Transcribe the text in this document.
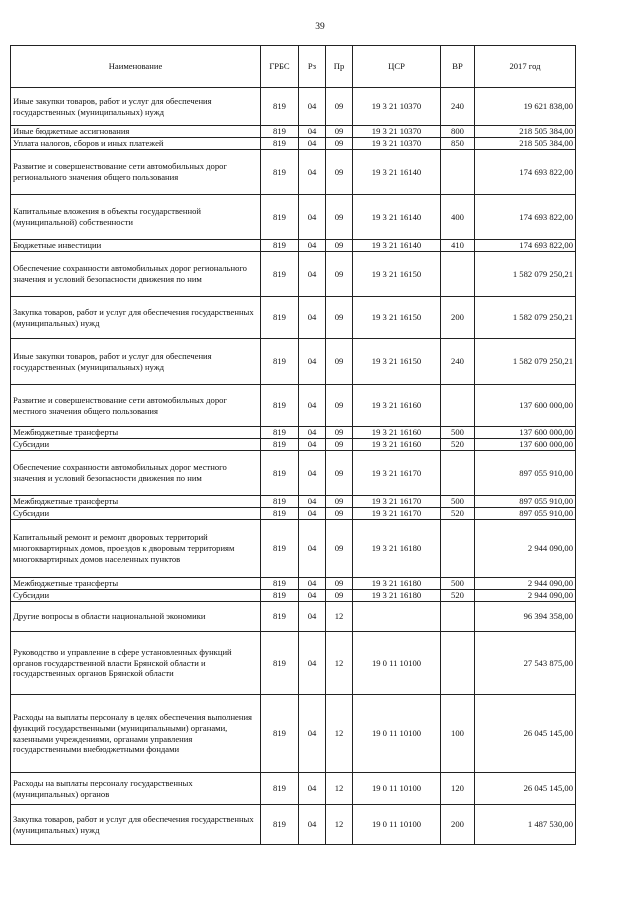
39
Наименование	ГРБС	Рз	Пр	ЦСР	ВР	2017 год
Иные закупки товаров, работ и услуг для обеспечения государственных (муниципальных) нужд	819	04	09	19 3 21 10370	240	19 621 838,00
Иные бюджетные ассигнования	819	04	09	19 3 21 10370	800	218 505 384,00
Уплата налогов, сборов и иных платежей	819	04	09	19 3 21 10370	850	218 505 384,00
Развитие и совершенствование сети автомобильных дорог регионального значения общего пользования	819	04	09	19 3 21 16140		174 693 822,00
Капитальные вложения в объекты государственной (муниципальной) собственности	819	04	09	19 3 21 16140	400	174 693 822,00
Бюджетные инвестиции	819	04	09	19 3 21 16140	410	174 693 822,00
Обеспечение сохранности автомобильных дорог регионального значения и условий безопасности движения по ним	819	04	09	19 3 21 16150		1 582 079 250,21
Закупка товаров, работ и услуг для обеспечения государственных (муниципальных) нужд	819	04	09	19 3 21 16150	200	1 582 079 250,21
Иные закупки товаров, работ и услуг для обеспечения государственных (муниципальных) нужд	819	04	09	19 3 21 16150	240	1 582 079 250,21
Развитие и совершенствование сети автомобильных дорог местного значения общего пользования	819	04	09	19 3 21 16160		137 600 000,00
Межбюджетные трансферты	819	04	09	19 3 21 16160	500	137 600 000,00
Субсидии	819	04	09	19 3 21 16160	520	137 600 000,00
Обеспечение сохранности автомобильных дорог местного значения и условий безопасности движения по ним	819	04	09	19 3 21 16170		897 055 910,00
Межбюджетные трансферты	819	04	09	19 3 21 16170	500	897 055 910,00
Субсидии	819	04	09	19 3 21 16170	520	897 055 910,00
Капитальный ремонт и ремонт дворовых территорий многоквартирных домов, проездов к дворовым территориям многоквартирных домов населенных пунктов	819	04	09	19 3 21 16180		2 944 090,00
Межбюджетные трансферты	819	04	09	19 3 21 16180	500	2 944 090,00
Субсидии	819	04	09	19 3 21 16180	520	2 944 090,00
Другие вопросы в области национальной экономики	819	04	12			96 394 358,00
Руководство и управление в сфере установленных функций органов государственной власти Брянской области и государственных органов Брянской области	819	04	12	19 0 11 10100		27 543 875,00
Расходы на выплаты персоналу в целях обеспечения выполнения функций государственными (муниципальными) органами, казенными учреждениями, органами управления государственными внебюджетными фондами	819	04	12	19 0 11 10100	100	26 045 145,00
Расходы на выплаты персоналу государственных (муниципальных) органов	819	04	12	19 0 11 10100	120	26 045 145,00
Закупка товаров, работ и услуг для обеспечения государственных (муниципальных) нужд	819	04	12	19 0 11 10100	200	1 487 530,00
